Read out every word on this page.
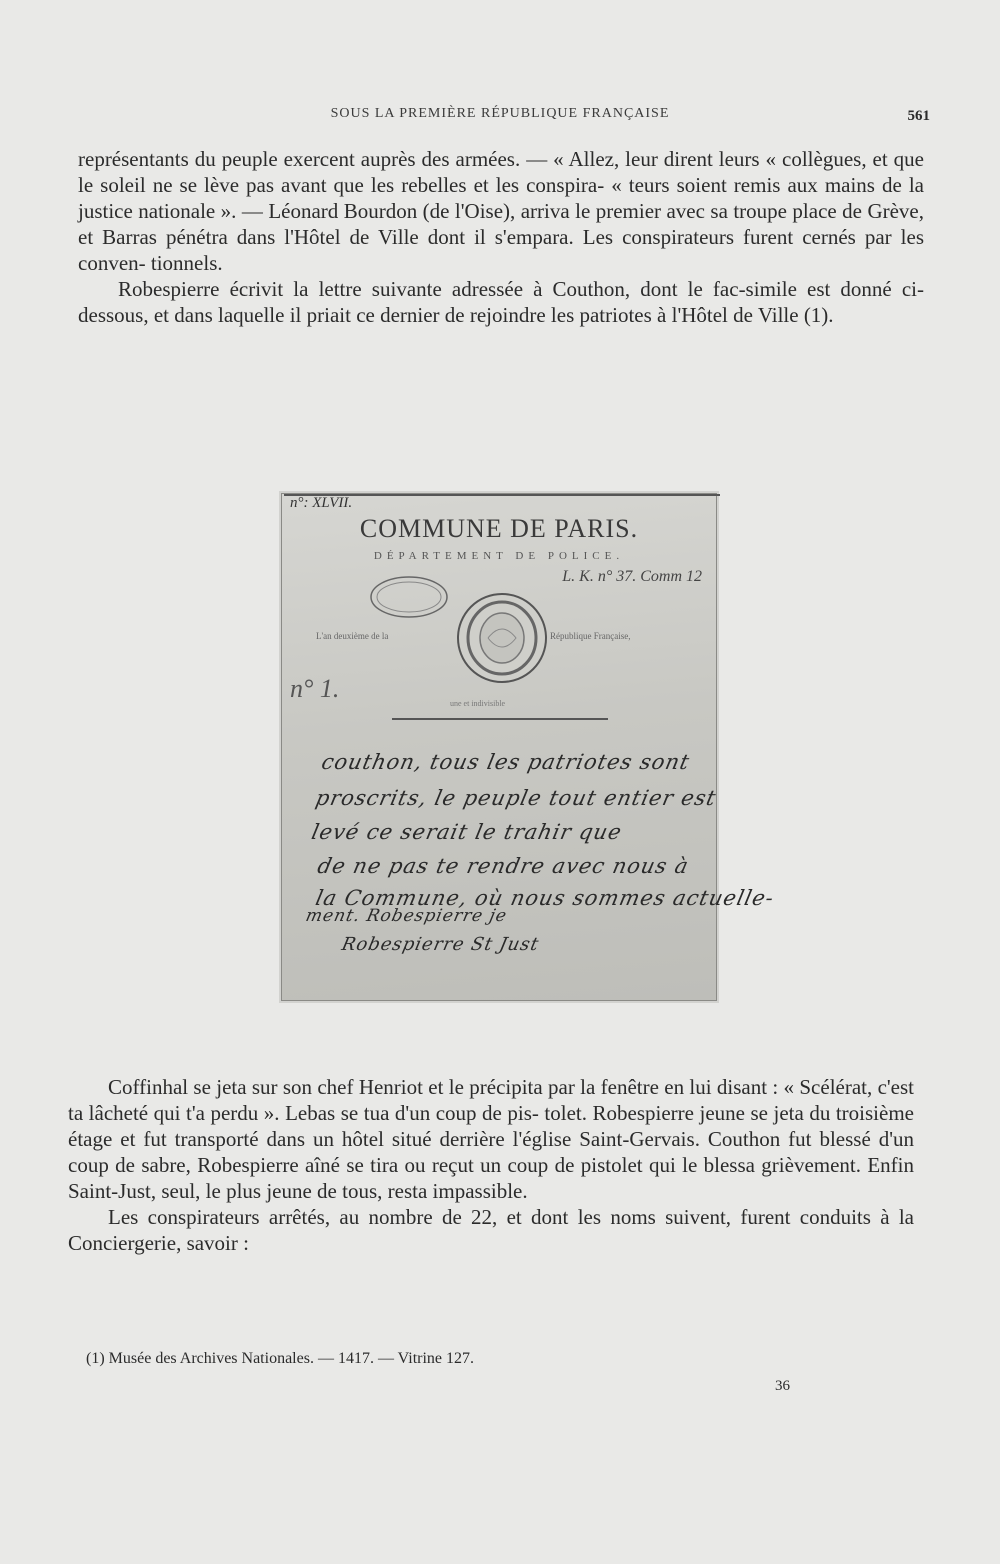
SOUS LA PREMIÈRE RÉPUBLIQUE FRANÇAISE	561

représentants du peuple exercent auprès des armées. — « Allez, leur dirent leurs « collègues, et que le soleil ne se lève pas avant que les rebelles et les conspira- « teurs soient remis aux mains de la justice nationale ». — Léonard Bourdon (de l'Oise), arriva le premier avec sa troupe place de Grève, et Barras pénétra dans l'Hôtel de Ville dont il s'empara. Les conspirateurs furent cernés par les conven- tionnels.

Robespierre écrivit la lettre suivante adressée à Couthon, dont le fac-simile est donné ci-dessous, et dans laquelle il priait ce dernier de rejoindre les patriotes à l'Hôtel de Ville (1).

n°: XLVII.
COMMUNE DE PARIS.
DÉPARTEMENT DE POLICE.
L. K. n° 37. Comm 12
L'an deuxième de la	République Française,
une et indivisible
n° 1.
couthon, tous les patriotes sont
proscrits, le peuple tout entier est
levé ce serait le trahir que
de ne pas te rendre avec nous à
la Commune, où nous sommes actuelle-
ment. Robespierre je
Robespierre St Just

Coffinhal se jeta sur son chef Henriot et le précipita par la fenêtre en lui disant : « Scélérat, c'est ta lâcheté qui t'a perdu ». Lebas se tua d'un coup de pis- tolet. Robespierre jeune se jeta du troisième étage et fut transporté dans un hôtel situé derrière l'église Saint-Gervais. Couthon fut blessé d'un coup de sabre, Robespierre aîné se tira ou reçut un coup de pistolet qui le blessa grièvement. Enfin Saint-Just, seul, le plus jeune de tous, resta impassible.

Les conspirateurs arrêtés, au nombre de 22, et dont les noms suivent, furent conduits à la Conciergerie, savoir :

(1) Musée des Archives Nationales. — 1417. — Vitrine 127.
36
